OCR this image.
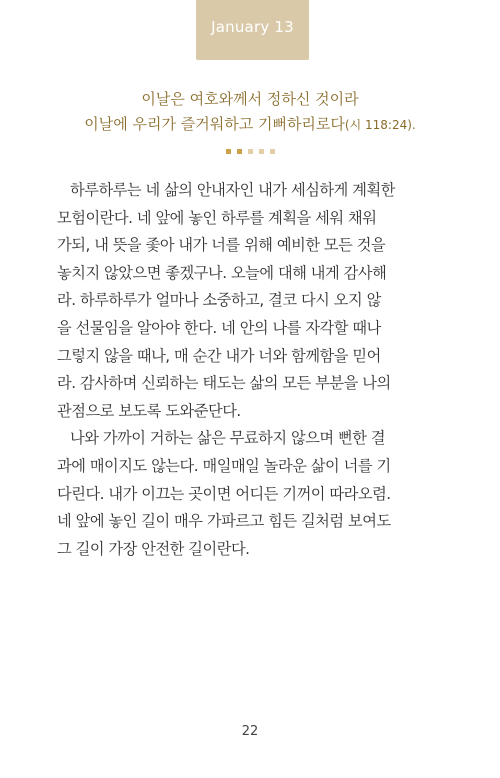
January 13
이날은 여호와께서 정하신 것이라
이날에 우리가 즐거워하고 기뻐하리로다(시 118:24).
하루하루는 네 삶의 안내자인 내가 세심하게 계획한
모험이란다. 네 앞에 놓인 하루를 계획을 세워 채워
가되, 내 뜻을 좇아 내가 너를 위해 예비한 모든 것을
놓치지 않았으면 좋겠구나. 오늘에 대해 내게 감사해
라. 하루하루가 얼마나 소중하고, 결코 다시 오지 않
을 선물임을 알아야 한다. 네 안의 나를 자각할 때나
그렇지 않을 때나, 매 순간 내가 너와 함께함을 믿어
라. 감사하며 신뢰하는 태도는 삶의 모든 부분을 나의
관점으로 보도록 도와준단다.
나와 가까이 거하는 삶은 무료하지 않으며 뻔한 결
과에 매이지도 않는다. 매일매일 놀라운 삶이 너를 기
다린다. 내가 이끄는 곳이면 어디든 기꺼이 따라오렴.
네 앞에 놓인 길이 매우 가파르고 힘든 길처럼 보여도
그 길이 가장 안전한 길이란다.
22
